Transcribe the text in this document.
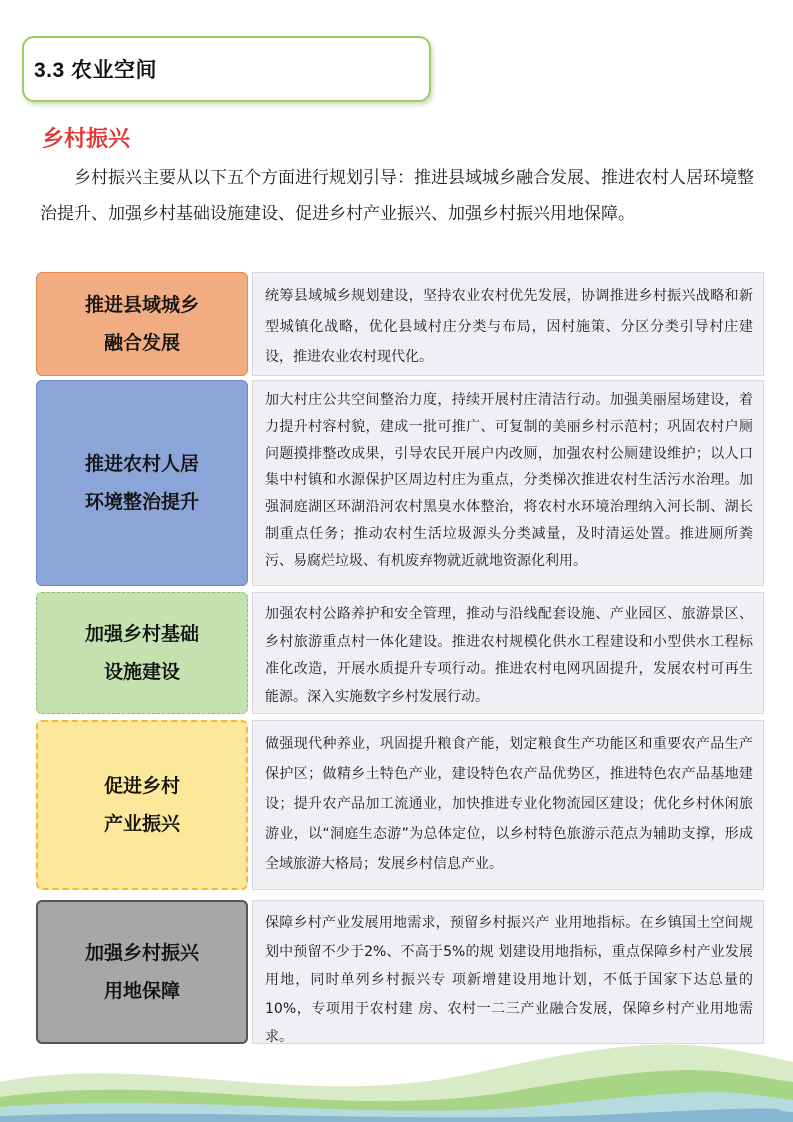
3.3 农业空间
乡村振兴

乡村振兴主要从以下五个方面进行规划引导：推进县域城乡融合发展、推进农村人居环境整治提升、加强乡村基础设施建设、促进乡村产业振兴、加强乡村振兴用地保障。

推进县域城乡
融合发展
统筹县域城乡规划建设，坚持农业农村优先发展，协调推进乡村振兴战略和新型城镇化战略，优化县域村庄分类与布局，因村施策、分区分类引导村庄建设，推进农业农村现代化。
推进农村人居
环境整治提升
加大村庄公共空间整治力度，持续开展村庄清洁行动。加强美丽屋场建设，着力提升村容村貌，建成一批可推广、可复制的美丽乡村示范村；巩固农村户厕问题摸排整改成果，引导农民开展户内改厕，加强农村公厕建设维护；以人口集中村镇和水源保护区周边村庄为重点，分类梯次推进农村生活污水治理。加强洞庭湖区环湖沿河农村黑臭水体整治，将农村水环境治理纳入河长制、湖长制重点任务；推动农村生活垃圾源头分类减量，及时清运处置。推进厕所粪污、易腐烂垃圾、有机废弃物就近就地资源化利用。
加强乡村基础
设施建设
加强农村公路养护和安全管理，推动与沿线配套设施、产业园区、旅游景区、乡村旅游重点村一体化建设。推进农村规模化供水工程建设和小型供水工程标准化改造，开展水质提升专项行动。推进农村电网巩固提升，发展农村可再生能源。深入实施数字乡村发展行动。
促进乡村
产业振兴
做强现代种养业，巩固提升粮食产能，划定粮食生产功能区和重要农产品生产保护区；做精乡土特色产业，建设特色农产品优势区，推进特色农产品基地建设；提升农产品加工流通业，加快推进专业化物流园区建设；优化乡村休闲旅游业，以“洞庭生态游”为总体定位，以乡村特色旅游示范点为辅助支撑，形成全域旅游大格局；发展乡村信息产业。
加强乡村振兴
用地保障
保障乡村产业发展用地需求，预留乡村振兴产 业用地指标。在乡镇国土空间规划中预留不少于2%、不高于5%的规 划建设用地指标，重点保障乡村产业发展用地，同时单列乡村振兴专 项新增建设用地计划，不低于国家下达总量的10%，专项用于农村建 房、农村一二三产业融合发展，保障乡村产业用地需求。
